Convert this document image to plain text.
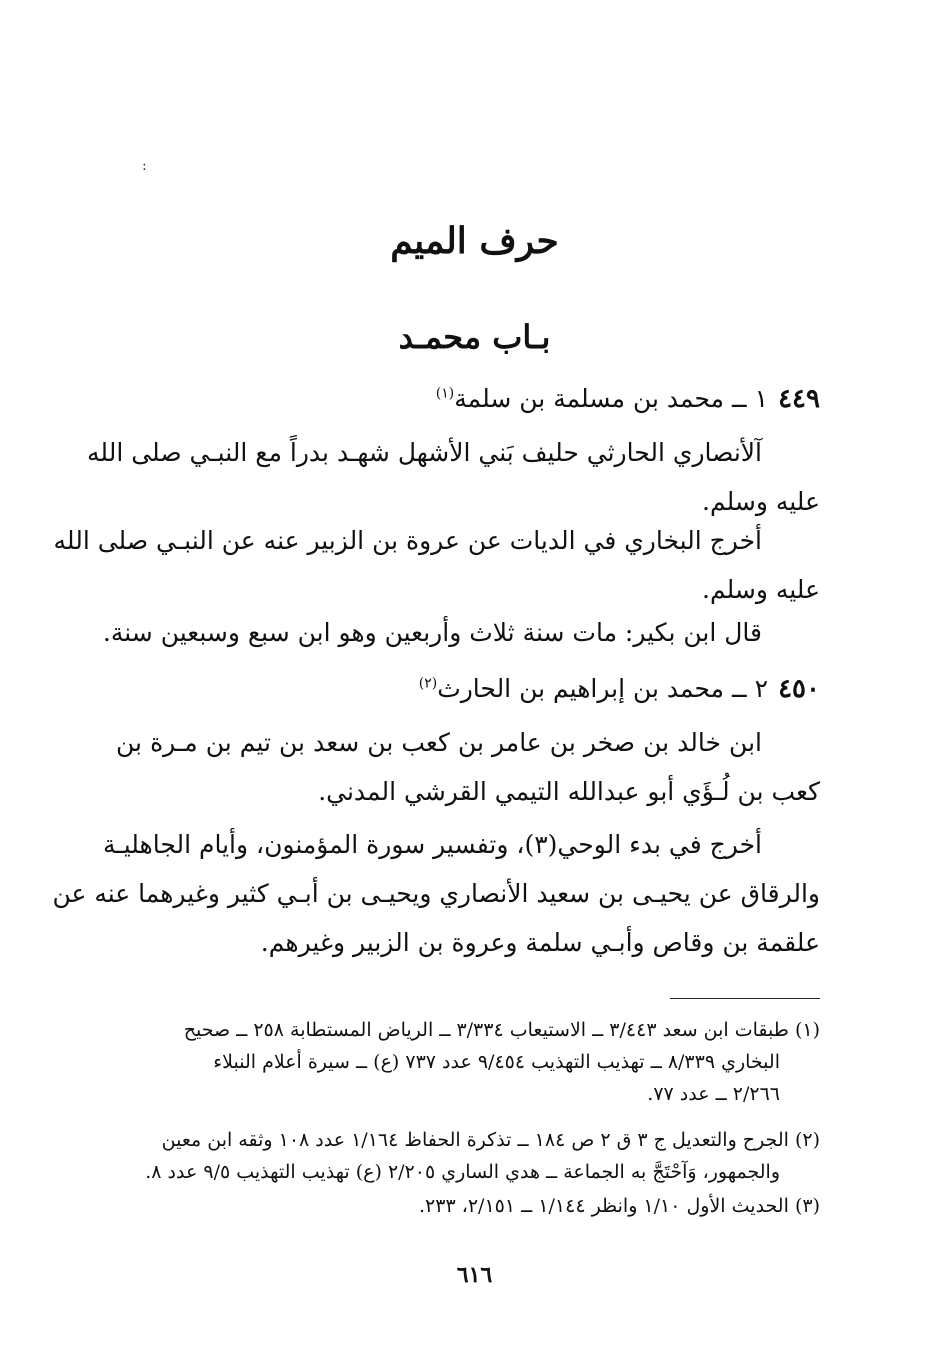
:
حرف الميم
بـاب محمـد
٤٤٩
١ ــ محمد بن مسلمة بن سلمة$^{(١)}$
آلأنصاري الحارثي حليف بَني الأشهل شهـد بدراً مع النبـي صلى الله
عليه وسلم.
أخرج البخاري في الديات عن عروة بن الزبير عنه عن النبـي صلى الله
عليه وسلم.
قال ابن بكير: مات سنة ثلاث وأربعين وهو ابن سبع وسبعين سنة.
٤٥٠
٢ ــ محمد بن إبراهيم بن الحارث$^{(٢)}$
ابن خالد بن صخر بن عامر بن كعب بن سعد بن تيم بن مـرة بن
كعب بن لُـؤَي أبو عبدالله التيمي القرشي المدني.
أخرج في بدء الوحي(٣)، وتفسير سورة المؤمنون، وأيام الجاهليـة
والرقاق عن يحيـى بن سعيد الأنصاري ويحيـى بن أبـي كثير وغيرهما عنه عن
علقمة بن وقاص وأبـي سلمة وعروة بن الزبير وغيرهم.
(١) طبقات ابن سعد ٣/٤٤٣ ــ الاستيعاب ٣/٣٣٤ ــ الرياض المستطابة ٢٥٨ ــ صحيح
البخاري ٨/٣٣٩ ــ تهذيب التهذيب ٩/٤٥٤ عدد ٧٣٧ (ع) ــ سيرة أعلام النبلاء
٢/٢٦٦ ــ عدد ٧٧.
(٢) الجرح والتعديل ج ٣ ق ٢ ص ١٨٤ ــ تذكرة الحفاظ ١/١٦٤ عدد ١٠٨ وثقه ابن معين
والجمهور، وَآحْتَجَّ به الجماعة ــ هدي الساري ٢/٢٠٥ (ع) تهذيب التهذيب ٩/٥ عدد ٨.
(٣) الحديث الأول ١/١٠ وانظر ١/١٤٤ ــ ٢/١٥١، ٢٣٣.
٦١٦
